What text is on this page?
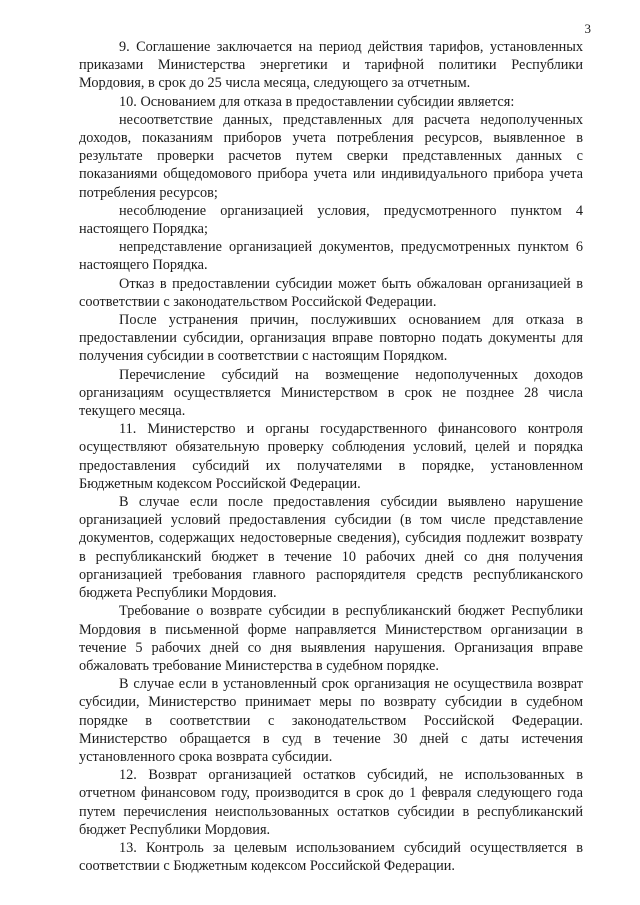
3

9. Соглашение заключается на период действия тарифов, установленных приказами Министерства энергетики и тарифной политики Республики Мордовия, в срок до 25 числа месяца, следующего за отчетным.

10. Основанием для отказа в предоставлении субсидии является:

несоответствие данных, представленных для расчета недополученных доходов, показаниям приборов учета потребления ресурсов, выявленное в результате проверки расчетов путем сверки представленных данных с показаниями общедомового прибора учета или индивидуального прибора учета потребления ресурсов;

несоблюдение организацией условия, предусмотренного пунктом 4 настоящего Порядка;

непредставление организацией документов, предусмотренных пунктом 6 настоящего Порядка.

Отказ в предоставлении субсидии может быть обжалован организацией в соответствии с законодательством Российской Федерации.

После устранения причин, послуживших основанием для отказа в предоставлении субсидии, организация вправе повторно подать документы для получения субсидии в соответствии с настоящим Порядком.

Перечисление субсидий на возмещение недополученных доходов организациям осуществляется Министерством в срок не позднее 28 числа текущего месяца.

11. Министерство и органы государственного финансового контроля осуществляют обязательную проверку соблюдения условий, целей и порядка предоставления субсидий их получателями в порядке, установленном Бюджетным кодексом Российской Федерации.

В случае если после предоставления субсидии выявлено нарушение организацией условий предоставления субсидии (в том числе представление документов, содержащих недостоверные сведения), субсидия подлежит возврату в республиканский бюджет в течение 10 рабочих дней со дня получения организацией требования главного распорядителя средств республиканского бюджета Республики Мордовия.

Требование о возврате субсидии в республиканский бюджет Республики Мордовия в письменной форме направляется Министерством организации в течение 5 рабочих дней со дня выявления нарушения. Организация вправе обжаловать требование Министерства в судебном порядке.

В случае если в установленный срок организация не осуществила возврат субсидии, Министерство принимает меры по возврату субсидии в судебном порядке в соответствии с законодательством Российской Федерации. Министерство обращается в суд в течение 30 дней с даты истечения установленного срока возврата субсидии.

12. Возврат организацией остатков субсидий, не использованных в отчетном финансовом году, производится в срок до 1 февраля следующего года путем перечисления неиспользованных остатков субсидии в республиканский бюджет Республики Мордовия.

13. Контроль за целевым использованием субсидий осуществляется в соответствии с Бюджетным кодексом Российской Федерации.
